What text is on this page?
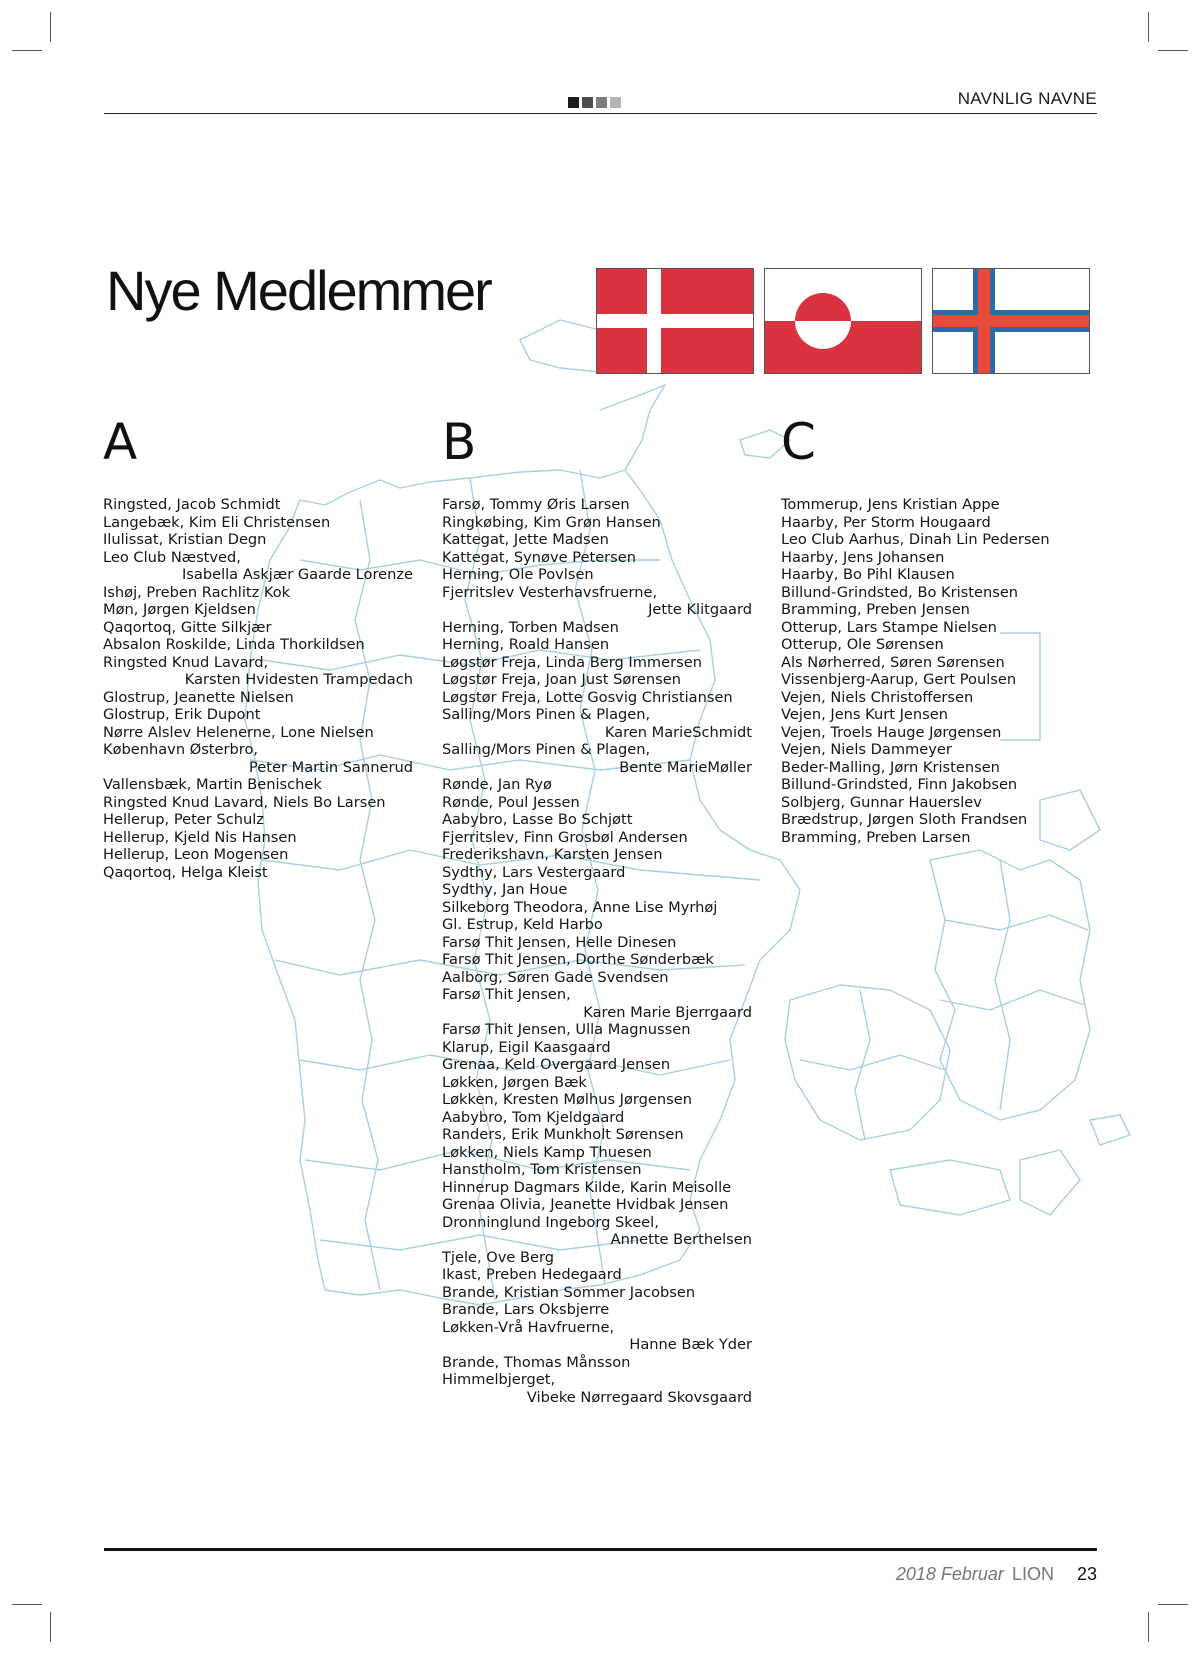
NAVNLIG NAVNE
Nye Medlemmer
A
Ringsted, Jacob Schmidt
Langebæk, Kim Eli Christensen
Ilulissat, Kristian Degn
Leo Club Næstved,
Isabella Askjær Gaarde Lorenze
Ishøj, Preben Rachlitz Kok
Møn, Jørgen Kjeldsen
Qaqortoq, Gitte Silkjær
Absalon Roskilde, Linda Thorkildsen
Ringsted Knud Lavard,
Karsten Hvidesten Trampedach
Glostrup, Jeanette Nielsen
Glostrup, Erik Dupont
Nørre Alslev Helenerne, Lone Nielsen
København Østerbro,
Peter Martin Sannerud
Vallensbæk, Martin Benischek
Ringsted Knud Lavard, Niels Bo Larsen
Hellerup, Peter Schulz
Hellerup, Kjeld Nis Hansen
Hellerup, Leon Mogensen
Qaqortoq, Helga Kleist
B
Farsø, Tommy Øris Larsen
Ringkøbing, Kim Grøn Hansen
Kattegat, Jette Madsen
Kattegat, Synøve Petersen
Herning, Ole Povlsen
Fjerritslev Vesterhavsfruerne,
Jette Klitgaard
Herning, Torben Madsen
Herning, Roald Hansen
Løgstør Freja, Linda Berg Immersen
Løgstør Freja, Joan Just Sørensen
Løgstør Freja, Lotte Gosvig Christiansen
Salling/Mors Pinen & Plagen,
Karen MarieSchmidt
Salling/Mors Pinen & Plagen,
Bente MarieMøller
Rønde, Jan Ryø
Rønde, Poul Jessen
Aabybro, Lasse Bo Schjøtt
Fjerritslev, Finn Grosbøl Andersen
Frederikshavn, Karsten Jensen
Sydthy, Lars Vestergaard
Sydthy, Jan Houe
Silkeborg Theodora, Anne Lise Myrhøj
Gl. Estrup, Keld Harbo
Farsø Thit Jensen, Helle Dinesen
Farsø Thit Jensen, Dorthe Sønderbæk
Aalborg, Søren Gade Svendsen
Farsø Thit Jensen,
Karen Marie Bjerrgaard
Farsø Thit Jensen, Ulla Magnussen
Klarup, Eigil Kaasgaard
Grenaa, Keld Overgaard Jensen
Løkken, Jørgen Bæk
Løkken, Kresten Mølhus Jørgensen
Aabybro, Tom Kjeldgaard
Randers, Erik Munkholt Sørensen
Løkken, Niels Kamp Thuesen
Hanstholm, Tom Kristensen
Hinnerup Dagmars Kilde, Karin Meisolle
Grenaa Olivia, Jeanette Hvidbak Jensen
Dronninglund Ingeborg Skeel,
Annette Berthelsen
Tjele, Ove Berg
Ikast, Preben Hedegaard
Brande, Kristian Sommer Jacobsen
Brande, Lars Oksbjerre
Løkken-Vrå Havfruerne,
Hanne Bæk Yder
Brande, Thomas Månsson
Himmelbjerget,
Vibeke Nørregaard Skovsgaard
C
Tommerup, Jens Kristian Appe
Haarby, Per Storm Hougaard
Leo Club Aarhus, Dinah Lin Pedersen
Haarby, Jens Johansen
Haarby, Bo Pihl Klausen
Billund-Grindsted, Bo Kristensen
Bramming, Preben Jensen
Otterup, Lars Stampe Nielsen
Otterup, Ole Sørensen
Als Nørherred, Søren Sørensen
Vissenbjerg-Aarup, Gert Poulsen
Vejen, Niels Christoffersen
Vejen, Jens Kurt Jensen
Vejen, Troels Hauge Jørgensen
Vejen, Niels Dammeyer
Beder-Malling, Jørn Kristensen
Billund-Grindsted, Finn Jakobsen
Solbjerg, Gunnar Hauerslev
Brædstrup, Jørgen Sloth Frandsen
Bramming, Preben Larsen
2018 Februar LION 23
